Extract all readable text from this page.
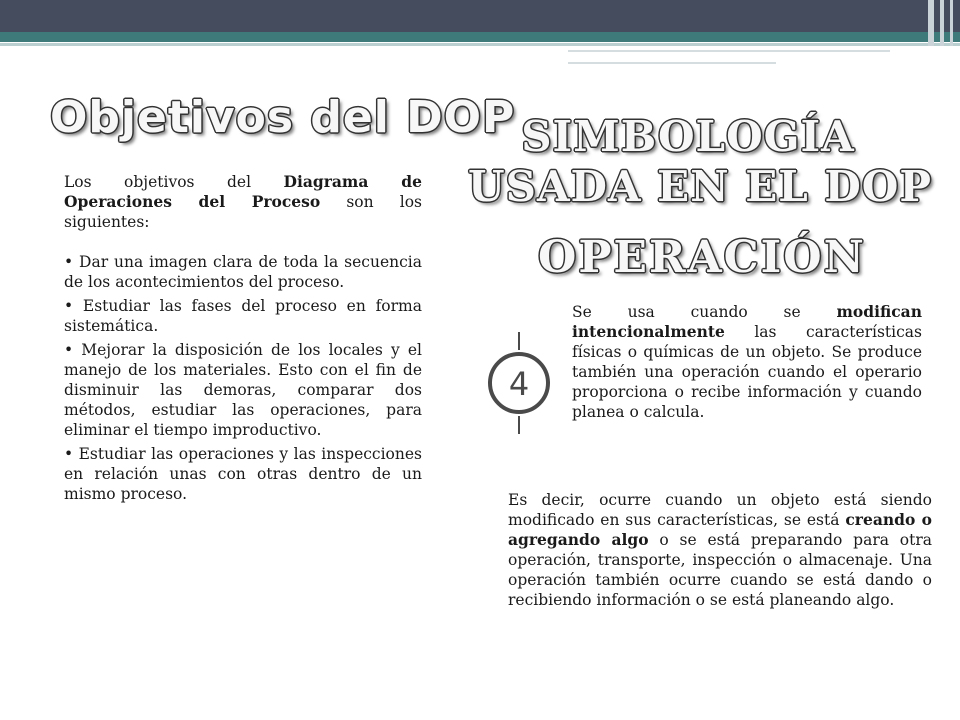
Objetivos del DOP

Los objetivos del Diagrama de Operaciones del Proceso son los siguientes:

• Dar una imagen clara de toda la secuencia de los acontecimientos del proceso.
• Estudiar las fases del proceso en forma sistemática.
• Mejorar la disposición de los locales y el manejo de los materiales. Esto con el fin de disminuir las demoras, comparar dos métodos, estudiar las operaciones, para eliminar el tiempo improductivo.
• Estudiar las operaciones y las inspecciones en relación unas con otras dentro de un mismo proceso.
SIMBOLOGÍA
USADA EN EL DOP
OPERACIÓN
4

Se usa cuando se modifican intencionalmente las características físicas o químicas de un objeto. Se produce también una operación cuando el operario proporciona o recibe información y cuando planea o calcula.

Es decir, ocurre cuando un objeto está siendo modificado en sus características, se está creando o agregando algo o se está preparando para otra operación, transporte, inspección o almacenaje. Una operación también ocurre cuando se está dando o recibiendo información o se está planeando algo.
